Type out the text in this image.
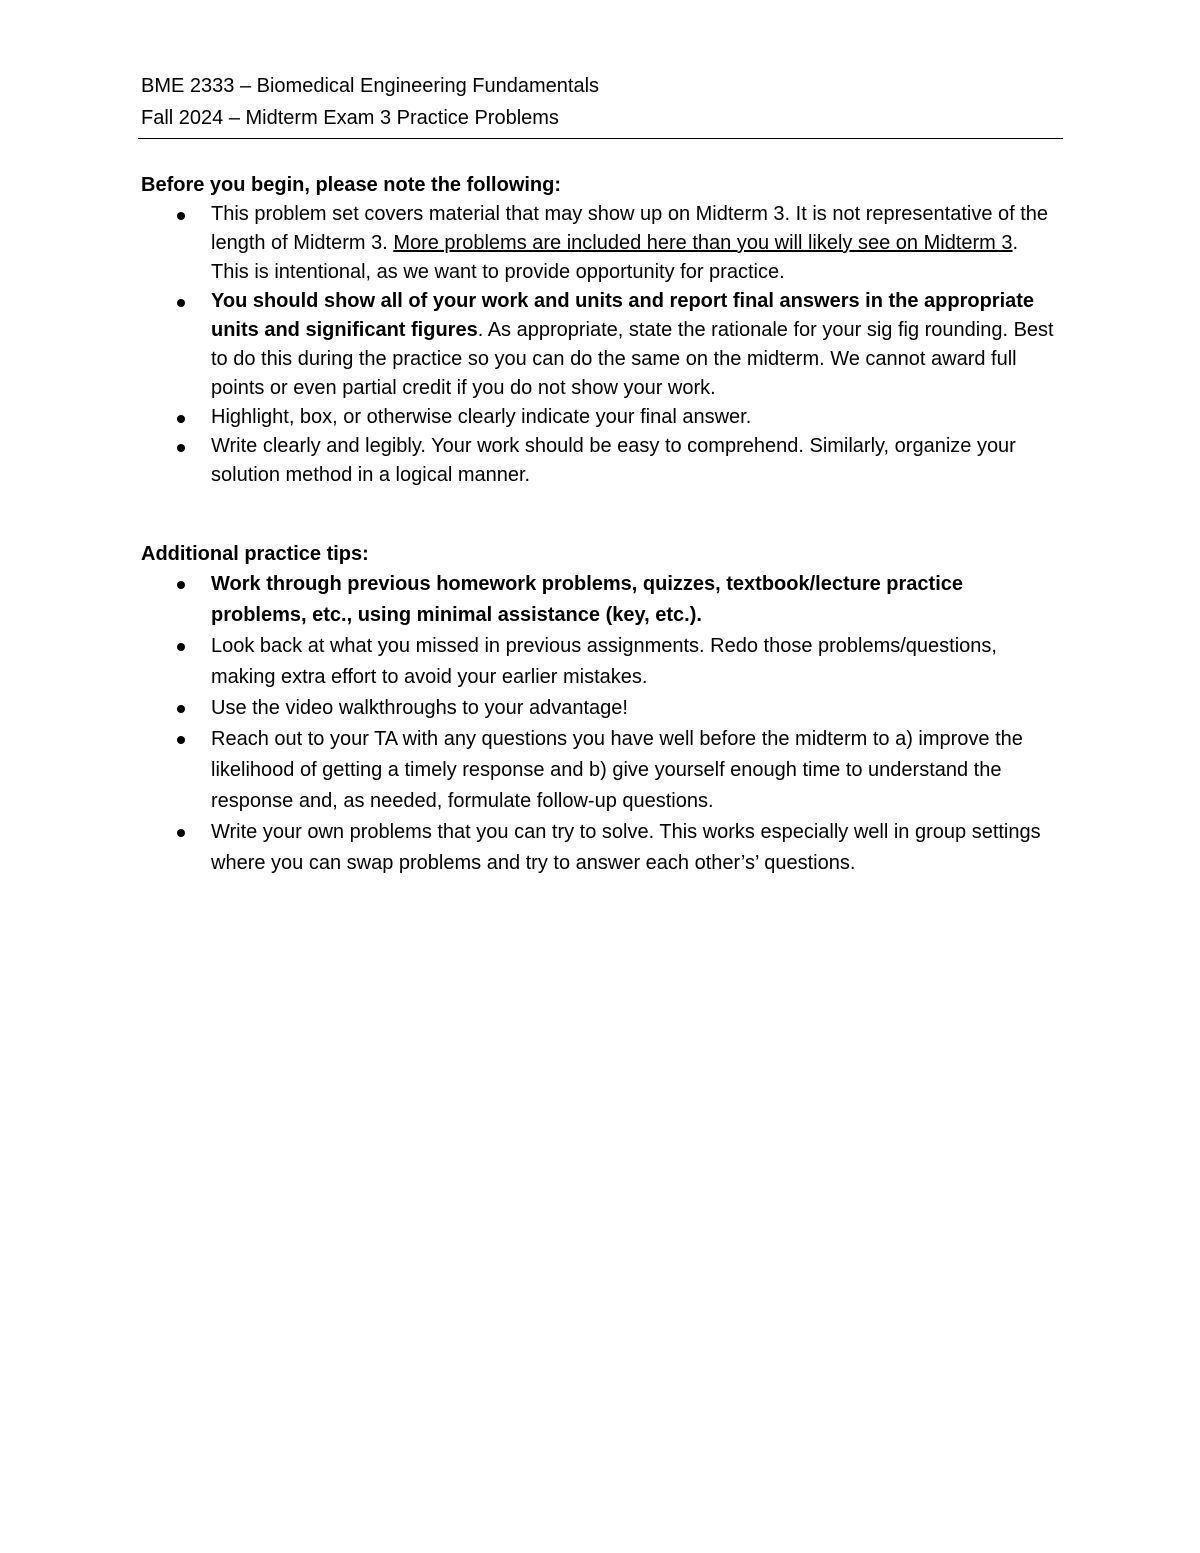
BME 2333 – Biomedical Engineering Fundamentals
Fall 2024 – Midterm Exam 3 Practice Problems

Before you begin, please note the following:

This problem set covers material that may show up on Midterm 3. It is not representative of the length of Midterm 3. More problems are included here than you will likely see on Midterm 3. This is intentional, as we want to provide opportunity for practice.
You should show all of your work and units and report final answers in the appropriate units and significant figures. As appropriate, state the rationale for your sig fig rounding. Best to do this during the practice so you can do the same on the midterm. We cannot award full points or even partial credit if you do not show your work.
Highlight, box, or otherwise clearly indicate your final answer.
Write clearly and legibly. Your work should be easy to comprehend. Similarly, organize your solution method in a logical manner.

Additional practice tips:

Work through previous homework problems, quizzes, textbook/lecture practice problems, etc., using minimal assistance (key, etc.).
Look back at what you missed in previous assignments. Redo those problems/questions, making extra effort to avoid your earlier mistakes.
Use the video walkthroughs to your advantage!
Reach out to your TA with any questions you have well before the midterm to a) improve the likelihood of getting a timely response and b) give yourself enough time to understand the response and, as needed, formulate follow-up questions.
Write your own problems that you can try to solve. This works especially well in group settings where you can swap problems and try to answer each other’s’ questions.
